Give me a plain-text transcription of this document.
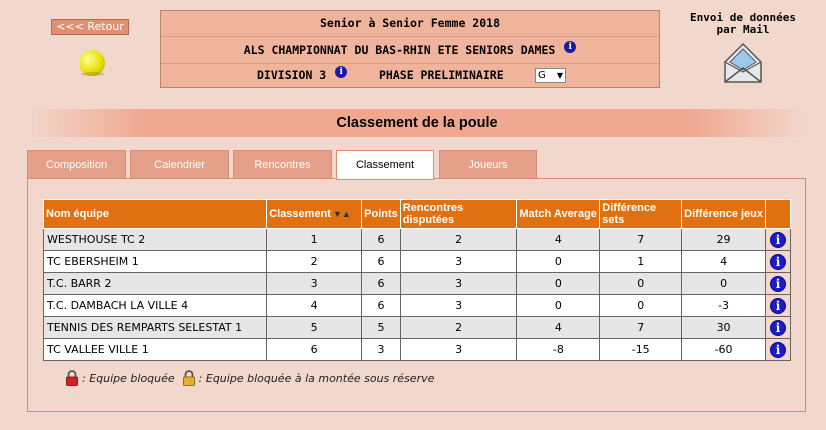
<<< Retour	Senior à Senior Femme 2018
ALS CHAMPIONNAT DU BAS-RHIN ETE SENIORS DAMES i
DIVISION 3 i	PHASE PRELIMINAIRE	G ▼
Envoi de données
par Mail
Classement de la poule
Composition	Calendrier	Rencontres	Classement	Joueurs
Nom équipe	Classement ▼▲	Points	Rencontres disputées	Match Average	Différence sets	Différence jeux	
WESTHOUSE TC 2	1	6	2	4	7	29	i
TC EBERSHEIM 1	2	6	3	0	1	4	i
T.C. BARR 2	3	6	3	0	0	0	i
T.C. DAMBACH LA VILLE 4	4	6	3	0	0	-3	i
TENNIS DES REMPARTS SELESTAT 1	5	5	2	4	7	30	i
TC VALLEE VILLE 1	6	3	3	-8	-15	-60	i
: Equipe bloquée : Equipe bloquée à la montée sous réserve
